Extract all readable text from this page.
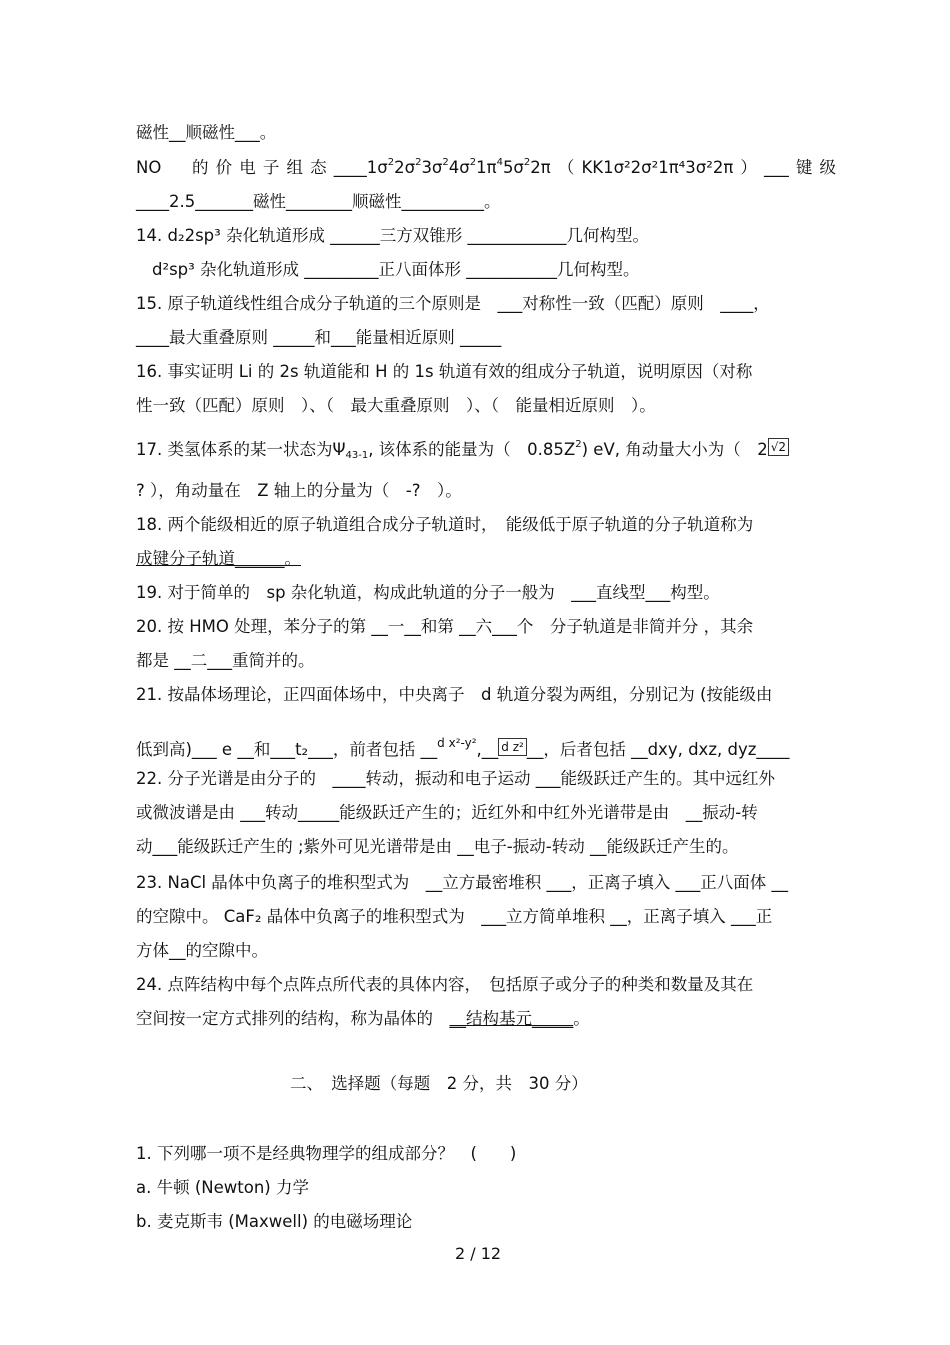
磁性__顺磁性___。
NO　的价电子组态$\_\_\_\_1\sigma^22\sigma^23\sigma^24\sigma^21\pi^45\sigma^22\pi(KK1\sigma^22\sigma^21\pi^43\sigma^22\pi)\_\_\_$键级
____2.5_______磁性________顺磁性__________。
14. d₂2sp³ 杂化轨道形成 ______三方双锥形 ____________几何构型。
d²sp³ 杂化轨道形成 _________正八面体形 ___________几何构型。
15. 原子轨道线性组合成分子轨道的三个原则是　___对称性一致（匹配）原则　____，
____最大重叠原则 _____和___能量相近原则 _____
16. 事实证明 Li 的 2s 轨道能和 H 的 1s 轨道有效的组成分子轨道，说明原因（对称
性一致（匹配）原则　）、（　最大重叠原则　）、（　能量相近原则　）。
17. 类氢体系的某一状态为$\Psi_{43-1}$, 该体系的能量为（　$0.85Z^2$) eV, 角动量大小为（　2 √2
? ），角动量在　Z 轴上的分量为（　-?　）。
18. 两个能级相近的原子轨道组合成分子轨道时，　能级低于原子轨道的分子轨道称为
成键分子轨道______。
19. 对于简单的　sp 杂化轨道，构成此轨道的分子一般为　___直线型___构型。
20. 按 HMO 处理，苯分子的第 __一__和第 __六___个　分子轨道是非简并分 ，其余
都是 __二___重简并的。
21. 按晶体场理论，正四面体场中，中央离子　d 轨道分裂为两组，分别记为 (按能级由
低到高)___ e __和___t₂___，前者包括 __$^{d x^2-y^2}$,__ d z² __，后者包括 __dxy, dxz, dyz____
22. 分子光谱是由分子的　____转动，振动和电子运动 ___能级跃迁产生的。其中远红外
或微波谱是由 ___转动_____能级跃迁产生的；近红外和中红外光谱带是由　__振动-转
动___能级跃迁产生的 ;紫外可见光谱带是由 __电子-振动-转动 __能级跃迁产生的。
23. NaCl 晶体中负离子的堆积型式为　__立方最密堆积 ___，正离子填入 ___正八面体 __
的空隙中。 CaF₂ 晶体中负离子的堆积型式为　___立方简单堆积 __，正离子填入 ___正
方体__的空隙中。
24. 点阵结构中每个点阵点所代表的具体内容，　包括原子或分子的种类和数量及其在
空间按一定方式排列的结构，称为晶体的　__结构基元_____。
二、　选择题（每题　2 分，共　30 分）
1. 下列哪一项不是经典物理学的组成部分？　(　　)
a. 牛顿 (Newton) 力学
b. 麦克斯韦 (Maxwell) 的电磁场理论
2 / 12
